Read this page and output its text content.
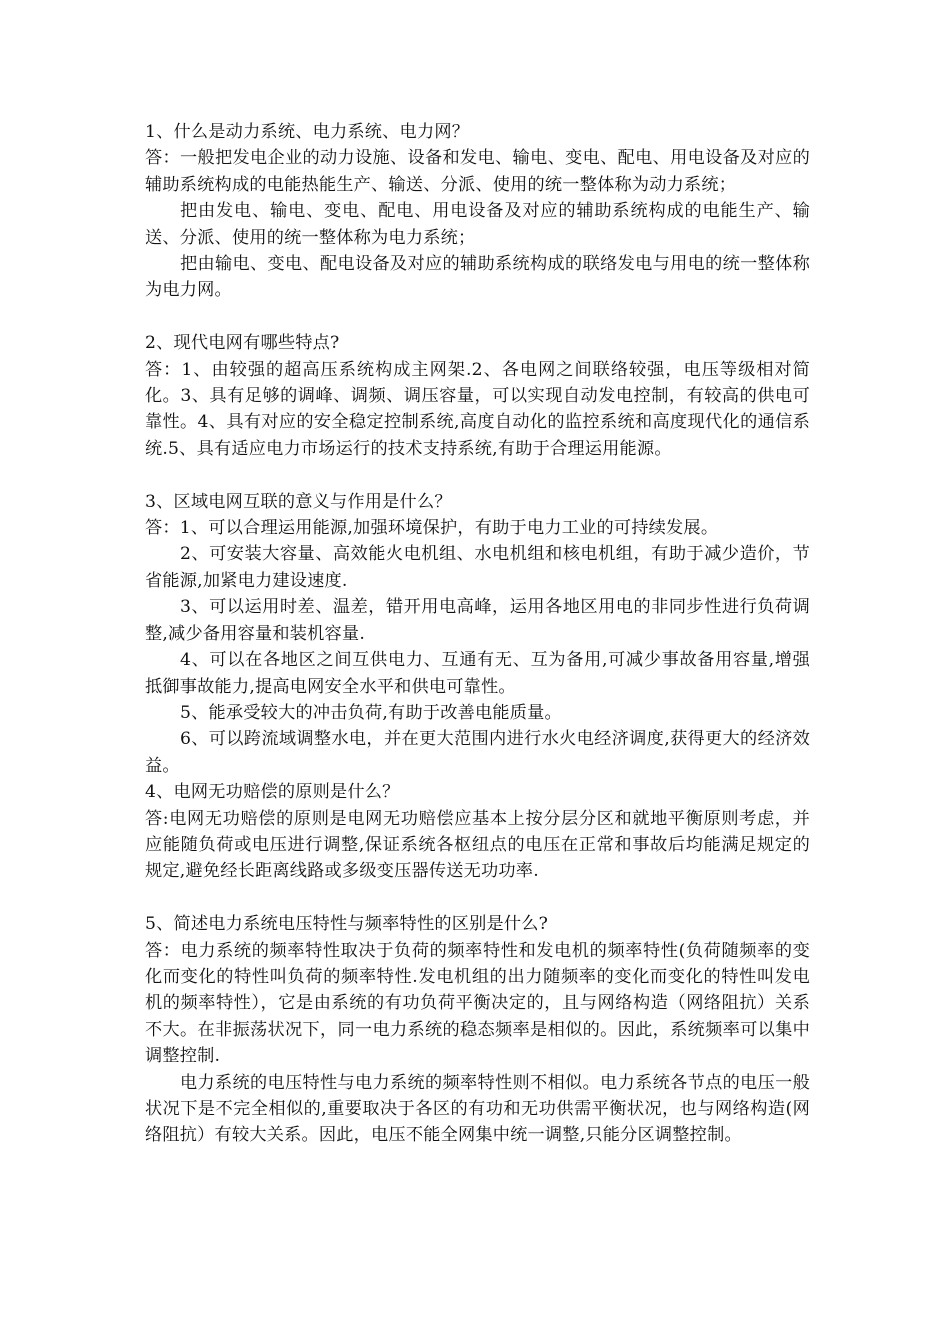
1、什么是动力系统、电力系统、电力网？

答：一般把发电企业的动力设施、设备和发电、输电、变电、配电、用电设备及对应的辅助系统构成的电能热能生产、输送、分派、使用的统一整体称为动力系统；

把由发电、输电、变电、配电、用电设备及对应的辅助系统构成的电能生产、输送、分派、使用的统一整体称为电力系统；

把由输电、变电、配电设备及对应的辅助系统构成的联络发电与用电的统一整体称为电力网。

2、现代电网有哪些特点?

答：1、由较强的超高压系统构成主网架.2、各电网之间联络较强，电压等级相对简化。3、具有足够的调峰、调频、调压容量，可以实现自动发电控制，有较高的供电可靠性。4、具有对应的安全稳定控制系统,高度自动化的监控系统和高度现代化的通信系统.5、具有适应电力市场运行的技术支持系统,有助于合理运用能源。

3、区域电网互联的意义与作用是什么？

答：1、可以合理运用能源,加强环境保护，有助于电力工业的可持续发展。

2、可安装大容量、高效能火电机组、水电机组和核电机组，有助于减少造价，节省能源,加紧电力建设速度.

3、可以运用时差、温差，错开用电高峰，运用各地区用电的非同步性进行负荷调整,减少备用容量和装机容量.

4、可以在各地区之间互供电力、互通有无、互为备用,可减少事故备用容量,增强抵御事故能力,提高电网安全水平和供电可靠性。

5、能承受较大的冲击负荷,有助于改善电能质量。

6、可以跨流域调整水电，并在更大范围内进行水火电经济调度,获得更大的经济效益。

4、电网无功赔偿的原则是什么？

答:电网无功赔偿的原则是电网无功赔偿应基本上按分层分区和就地平衡原则考虑，并应能随负荷或电压进行调整,保证系统各枢纽点的电压在正常和事故后均能满足规定的规定,避免经长距离线路或多级变压器传送无功功率.

5、简述电力系统电压特性与频率特性的区别是什么?

答：电力系统的频率特性取决于负荷的频率特性和发电机的频率特性(负荷随频率的变化而变化的特性叫负荷的频率特性.发电机组的出力随频率的变化而变化的特性叫发电机的频率特性），它是由系统的有功负荷平衡决定的，且与网络构造（网络阻抗）关系不大。在非振荡状况下，同一电力系统的稳态频率是相似的。因此，系统频率可以集中调整控制.

电力系统的电压特性与电力系统的频率特性则不相似。电力系统各节点的电压一般状况下是不完全相似的,重要取决于各区的有功和无功供需平衡状况，也与网络构造(网络阻抗）有较大关系。因此，电压不能全网集中统一调整,只能分区调整控制。
